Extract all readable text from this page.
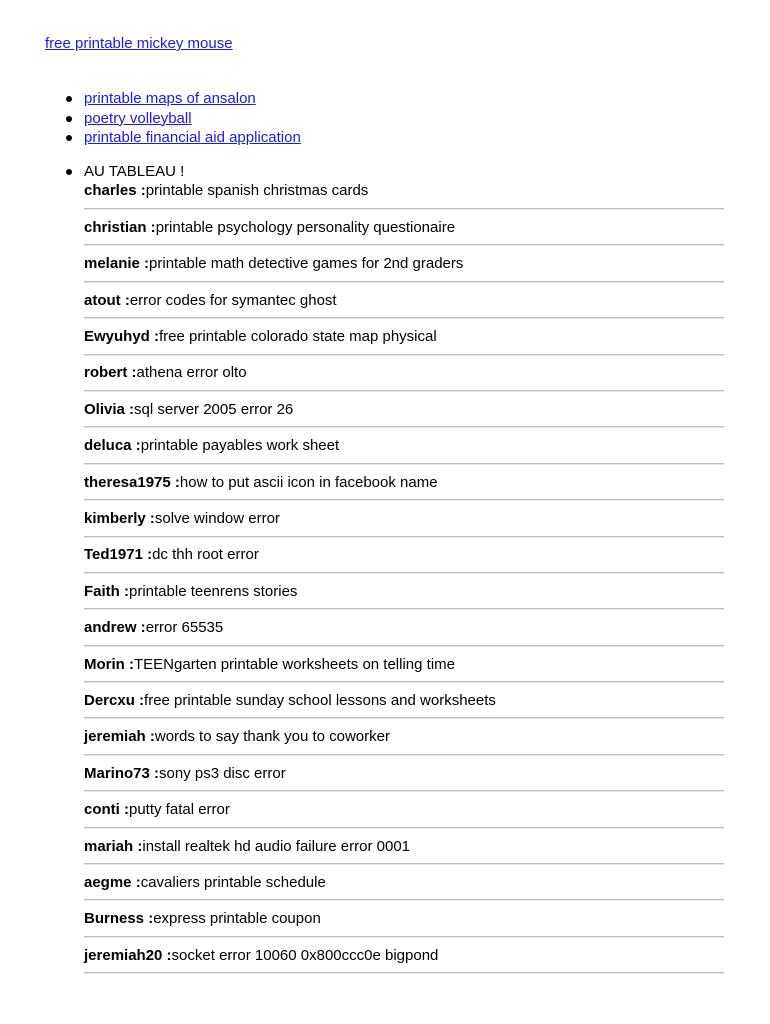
free printable mickey mouse
printable maps of ansalon
poetry volleyball
printable financial aid application
AU TABLEAU !
charles :printable spanish christmas cards
christian :printable psychology personality questionaire
melanie :printable math detective games for 2nd graders
atout :error codes for symantec ghost
Ewyuhyd :free printable colorado state map physical
robert :athena error olto
Olivia :sql server 2005 error 26
deluca :printable payables work sheet
theresa1975 :how to put ascii icon in facebook name
kimberly :solve window error
Ted1971 :dc thh root error
Faith :printable teenrens stories
andrew :error 65535
Morin :TEENgarten printable worksheets on telling time
Dercxu :free printable sunday school lessons and worksheets
jeremiah :words to say thank you to coworker
Marino73 :sony ps3 disc error
conti :putty fatal error
mariah :install realtek hd audio failure error 0001
aegme :cavaliers printable schedule
Burness :express printable coupon
jeremiah20 :socket error 10060 0x800ccc0e bigpond
